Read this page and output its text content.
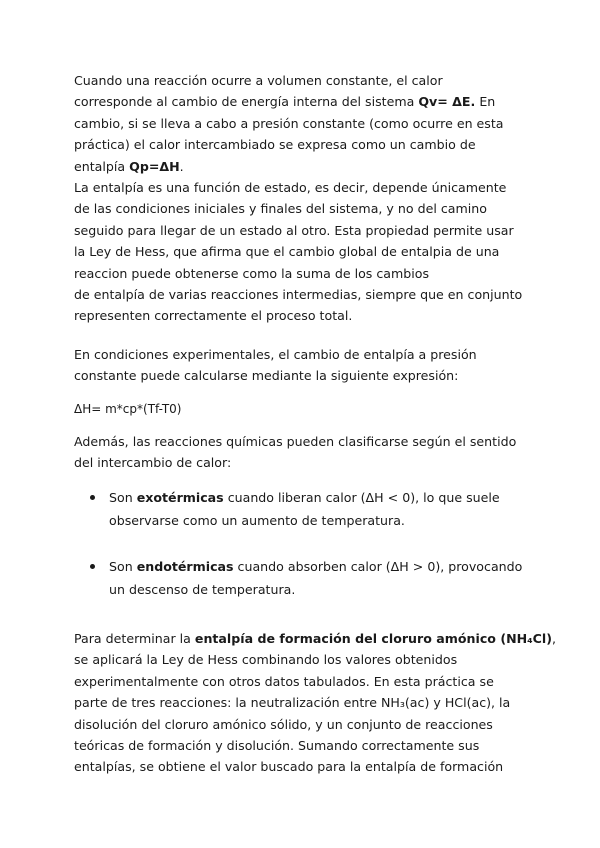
Cuando una reacción ocurre a volumen constante, el calor
corresponde al cambio de energía interna del sistema Qv= ΔE. En
cambio, si se lleva a cabo a presión constante (como ocurre en esta
práctica) el calor intercambiado se expresa como un cambio de
entalpía Qp=ΔH.
La entalpía es una función de estado, es decir, depende únicamente
de las condiciones iniciales y finales del sistema, y no del camino
seguido para llegar de un estado al otro. Esta propiedad permite usar
la Ley de Hess, que afirma que el cambio global de entalpia de una
reaccion puede obtenerse como la suma de los cambios
de entalpía de varias reacciones intermedias, siempre que en conjunto
representen correctamente el proceso total.
En condiciones experimentales, el cambio de entalpía a presión
constante puede calcularse mediante la siguiente expresión:
ΔH= m*cp*(Tf-T0)
Además, las reacciones químicas pueden clasificarse según el sentido
del intercambio de calor:
Son exotérmicas cuando liberan calor (ΔH < 0), lo que suele
observarse como un aumento de temperatura.
Son endotérmicas cuando absorben calor (ΔH > 0), provocando
un descenso de temperatura.
Para determinar la entalpía de formación del cloruro amónico (NH₄Cl),
se aplicará la Ley de Hess combinando los valores obtenidos
experimentalmente con otros datos tabulados. En esta práctica se
parte de tres reacciones: la neutralización entre NH₃(ac) y HCl(ac), la
disolución del cloruro amónico sólido, y un conjunto de reacciones
teóricas de formación y disolución. Sumando correctamente sus
entalpías, se obtiene el valor buscado para la entalpía de formación
